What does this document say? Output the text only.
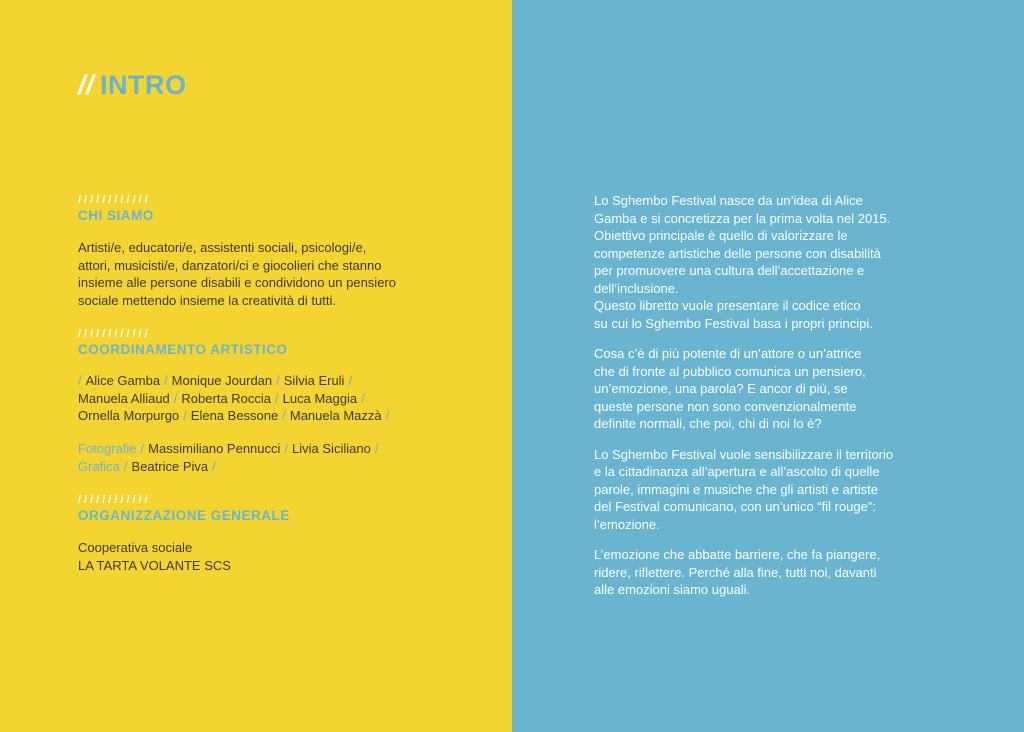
// INTRO
////////////
CHI SIAMO
Artisti/e, educatori/e, assistenti sociali, psicologi/e,
attori, musicisti/e, danzatori/ci e giocolieri che stanno
insieme alle persone disabili e condividono un pensiero
sociale mettendo insieme la creatività di tutti.
////////////
COORDINAMENTO ARTISTICO
/ Alice Gamba / Monique Jourdan / Silvia Eruli /
Manuela Alliaud / Roberta Roccia / Luca Maggia /
Ornella Morpurgo / Elena Bessone / Manuela Mazzà /
Fotografie / Massimiliano Pennucci / Livia Siciliano /
Grafica / Beatrice Piva /
////////////
ORGANIZZAZIONE GENERALE
Cooperativa sociale
LA TARTA VOLANTE SCS

Lo Sghembo Festival nasce da un’idea di Alice
Gamba e si concretizza per la prima volta nel 2015.
Obiettivo principale è quello di valorizzare le
competenze artistiche delle persone con disabilità
per promuovere una cultura dell’accettazione e
dell’inclusione.
Questo libretto vuole presentare il codice etico
su cui lo Sghembo Festival basa i propri principi.

Cosa c’è di più potente di un’attore o un’attrice
che di fronte al pubblico comunica un pensiero,
un’emozione, una parola? E ancor di più, se
queste persone non sono convenzionalmente
definite normali, che poi, chi di noi lo è?

Lo Sghembo Festival vuole sensibilizzare il territorio
e la cittadinanza all’apertura e all’ascolto di quelle
parole, immagini e musiche che gli artisti e artiste
del Festival comunicano, con un’unico “fil rouge”:
l’emozione.

L’emozione che abbatte barriere, che fa piangere,
ridere, riflettere. Perché alla fine, tutti noi, davanti
alle emozioni siamo uguali.
